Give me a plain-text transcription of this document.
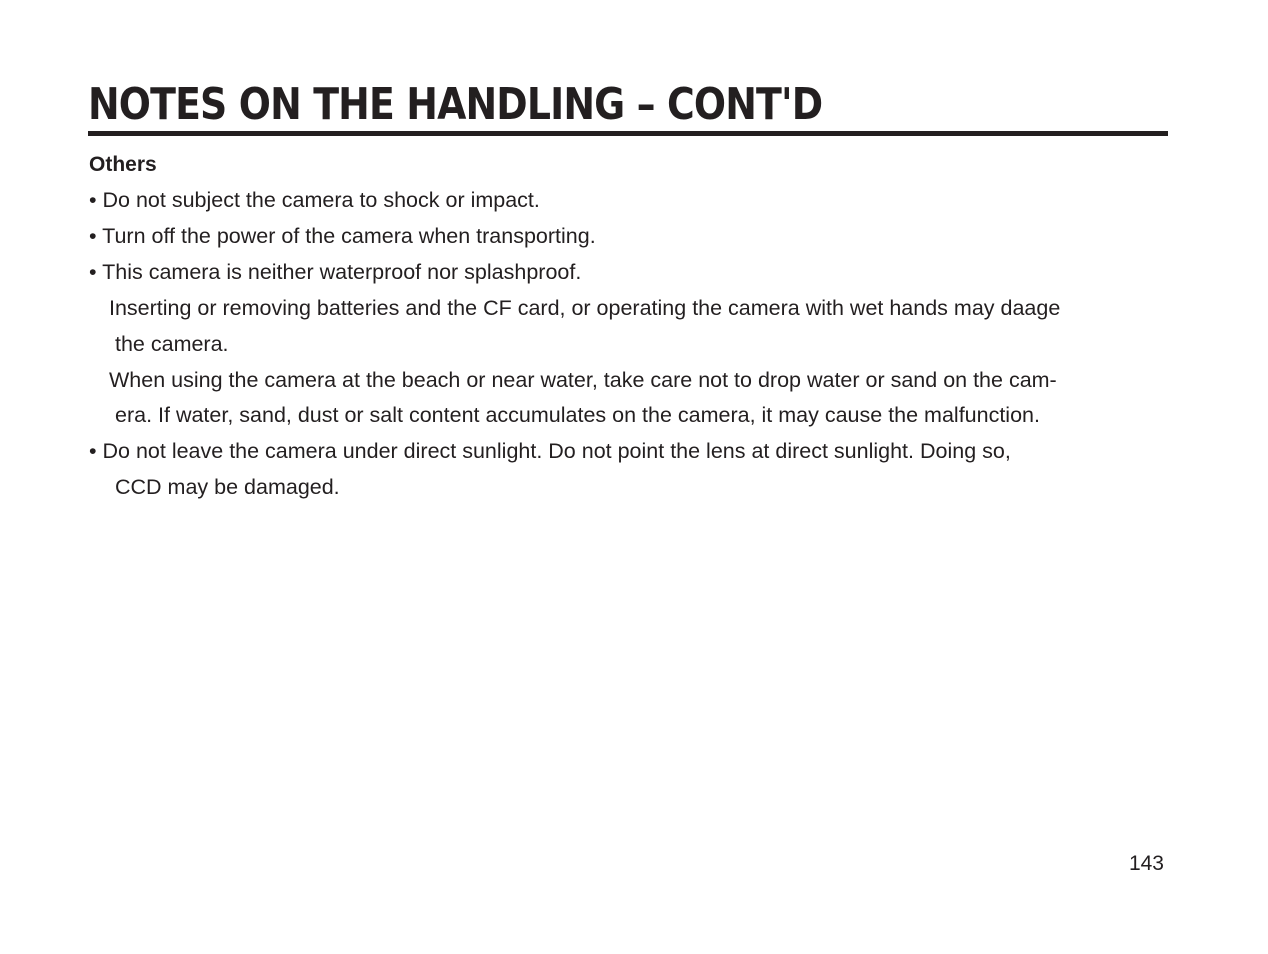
NOTES ON THE HANDLING – CONT'D
Others

• Do not subject the camera to shock or impact.

• Turn off the power of the camera when transporting.

• This camera is neither waterproof nor splashproof.

Inserting or removing batteries and the CF card, or operating the camera with wet hands may daage

the camera.

When using the camera at the beach or near water, take care not to drop water or sand on the cam-

era. If water, sand, dust or salt content accumulates on the camera, it may cause the malfunction.

• Do not leave the camera under direct sunlight. Do not point the lens at direct sunlight. Doing so,

CCD may be damaged.

143
